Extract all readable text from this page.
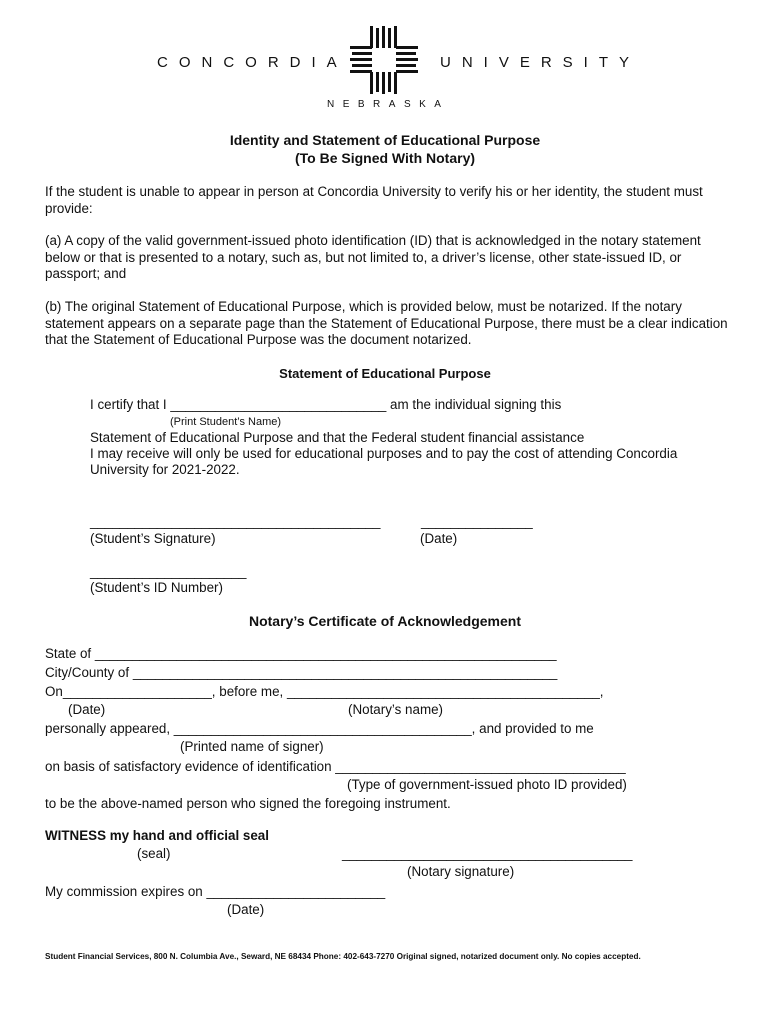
CONCORDIA	UNIVERSITY
NEBRASKA
Identity and Statement of Educational Purpose
(To Be Signed With Notary)
If the student is unable to appear in person at Concordia University to verify his or her identity, the student must provide:
(a) A copy of the valid government-issued photo identification (ID) that is acknowledged in the notary statement below or that is presented to a notary, such as, but not limited to, a driver’s license, other state-issued ID, or passport; and
(b) The original Statement of Educational Purpose, which is provided below, must be notarized. If the notary statement appears on a separate page than the Statement of Educational Purpose, there must be a clear indication that the Statement of Educational Purpose was the document notarized.
Statement of Educational Purpose
I certify that I _____________________________ am the individual signing this
(Print Student’s Name)
Statement of Educational Purpose and that the Federal student financial assistance
I may receive will only be used for educational purposes and to pay the cost of attending Concordia
University for 2021-2022.
_______________________________________	_______________
(Student’s Signature)	(Date)
_____________________
(Student’s ID Number)
Notary’s Certificate of Acknowledgement
State of ______________________________________________________________
City/County of _________________________________________________________
On____________________, before me, __________________________________________,
(Date)	(Notary’s name)
personally appeared, ________________________________________, and provided to me
(Printed name of signer)
on basis of satisfactory evidence of identification _______________________________________
(Type of government-issued photo ID provided)
to be the above-named person who signed the foregoing instrument.
WITNESS my hand and official seal
(seal)	_______________________________________
(Notary signature)
My commission expires on ________________________
(Date)
Student Financial Services, 800 N. Columbia Ave., Seward, NE 68434 Phone: 402-643-7270 Original signed, notarized document only. No copies accepted.
